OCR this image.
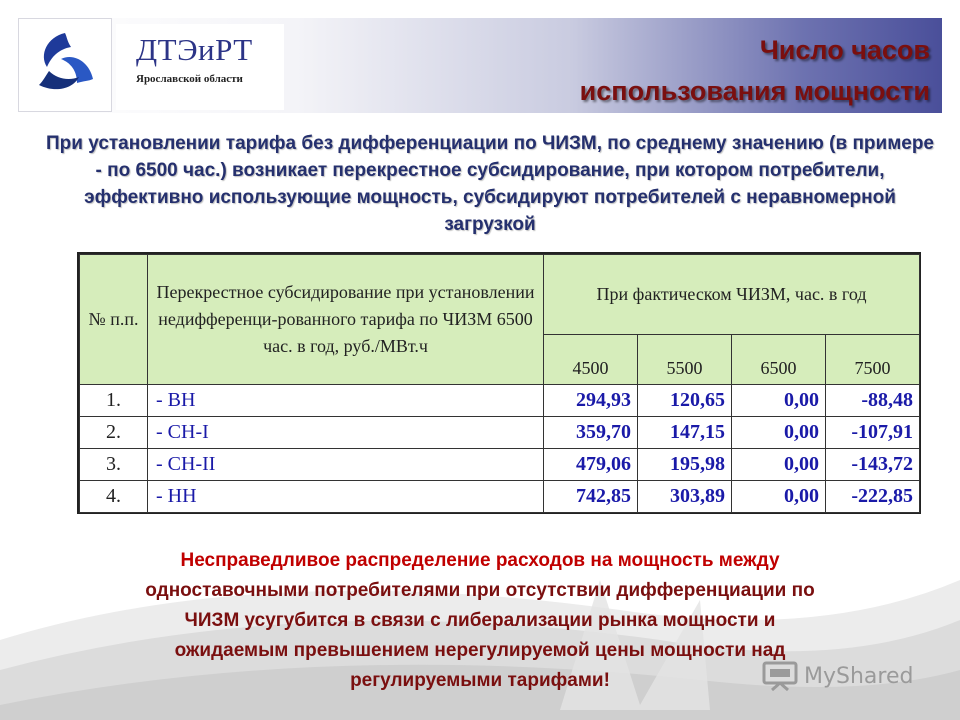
ДТЭиРТ

Ярославской области

Число часов
использования мощности

При установлении тарифа без дифференциации по ЧИЗМ, по среднему значению (в примере - по 6500 час.) возникает перекрестное субсидирование, при котором потребители, эффективно использующие мощность, субсидируют потребителей с неравномерной загрузкой

№ п.п.	Перекрестное субсидирование при установлении недифференци-рованного тарифа по ЧИЗМ 6500 час. в год, руб./МВт.ч	При фактическом ЧИЗМ, час. в год			
		4500	5500	6500	7500
1.	- ВН	294,93	120,65	0,00	-88,48
2.	- СН-I	359,70	147,15	0,00	-107,91
3.	- СН-II	479,06	195,98	0,00	-143,72
4.	- НН	742,85	303,89	0,00	-222,85

Несправедливое распределение расходов на мощность между
одноставочными потребителями при отсутствии дифференциации по
ЧИЗМ усугубится в связи с либерализации рынка мощности и
ожидаемым превышением нерегулируемой цены мощности над
регулируемыми тарифами!	MyShared
